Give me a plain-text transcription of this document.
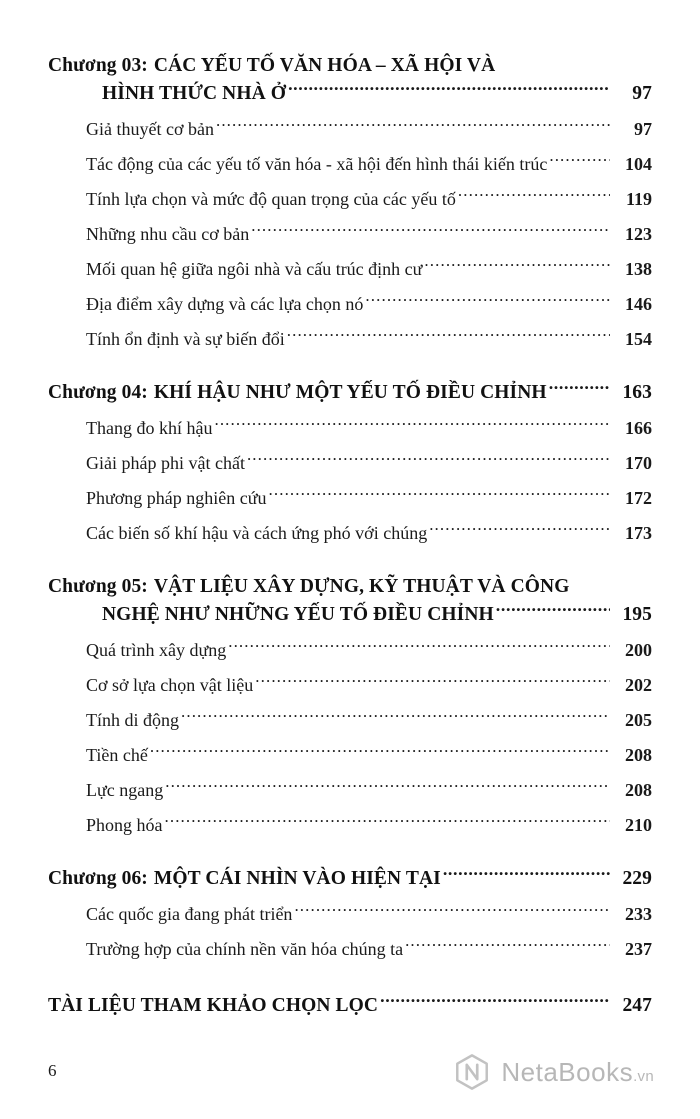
Chương 03: CÁC YẾU TỐ VĂN HÓA – XÃ HỘI VÀ
HÌNH THỨC NHÀ Ở .....	97
Giả thuyết cơ bản .....	97
Tác động của các yếu tố văn hóa - xã hội đến hình thái kiến trúc .....	104
Tính lựa chọn và mức độ quan trọng của các yếu tố .....	119
Những nhu cầu cơ bản .....	123
Mối quan hệ giữa ngôi nhà và cấu trúc định cư .....	138
Địa điểm xây dựng và các lựa chọn nó .....	146
Tính ổn định và sự biến đổi .....	154
Chương 04: KHÍ HẬU NHƯ MỘT YẾU TỐ ĐIỀU CHỈNH .....	163
Thang đo khí hậu .....	166
Giải pháp phi vật chất .....	170
Phương pháp nghiên cứu .....	172
Các biến số khí hậu và cách ứng phó với chúng .....	173
Chương 05: VẬT LIỆU XÂY DỰNG, KỸ THUẬT VÀ CÔNG
NGHỆ NHƯ NHỮNG YẾU TỐ ĐIỀU CHỈNH .....	195
Quá trình xây dựng .....	200
Cơ sở lựa chọn vật liệu .....	202
Tính di động .....	205
Tiền chế .....	208
Lực ngang .....	208
Phong hóa .....	210
Chương 06: MỘT CÁI NHÌN VÀO HIỆN TẠI .....	229
Các quốc gia đang phát triển .....	233
Trường hợp của chính nền văn hóa chúng ta .....	237
TÀI LIỆU THAM KHẢO CHỌN LỌC .....	247
6	NetaBooks.vn
